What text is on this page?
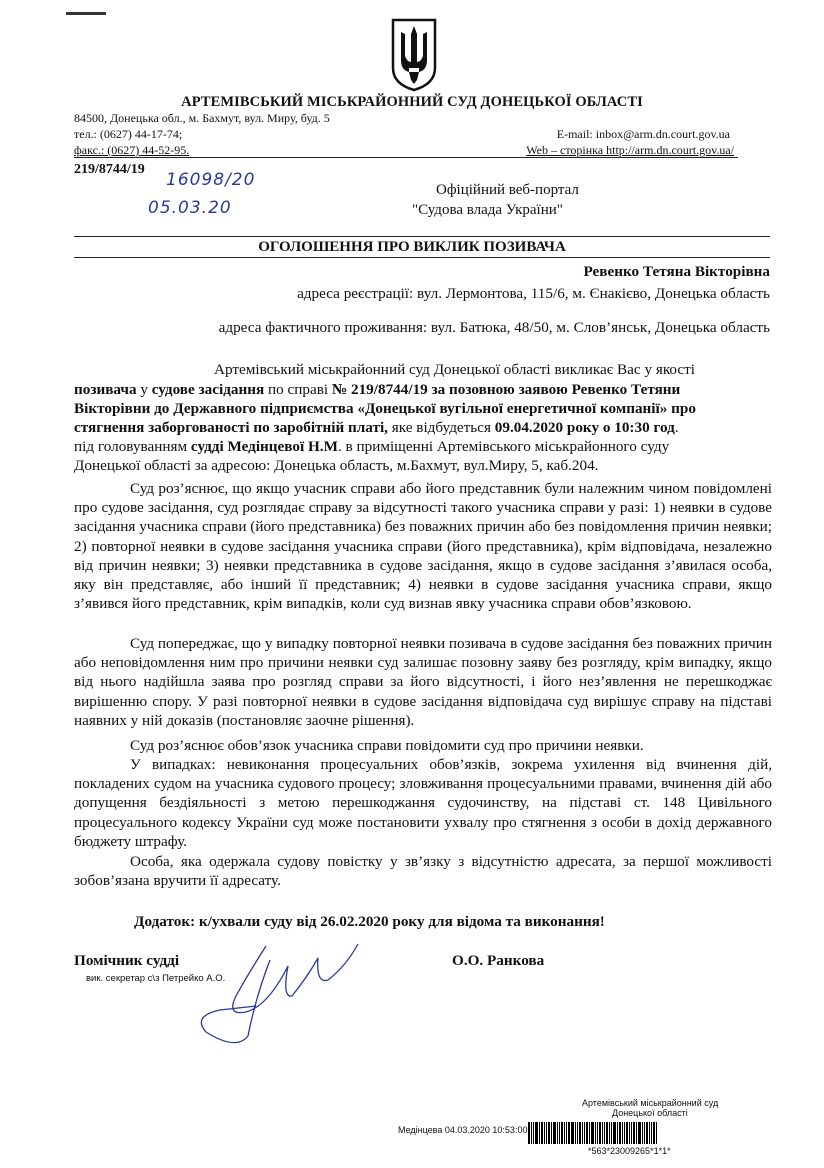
АРТЕМІВСЬКИЙ МІСЬКРАЙОННИЙ СУД ДОНЕЦЬКОЇ ОБЛАСТІ
84500, Донецька обл., м. Бахмут, вул. Миру, буд. 5
тел.: (0627) 44-17-74;
факс.: (0627) 44-52-95.
E-mail: inbox@arm.dn.court.gov.ua
Web – сторінка http://arm.dn.court.gov.ua/
219/8744/19
16098/20
05.03.20
Офіційний веб-портал
"Судова влада України"
ОГОЛОШЕННЯ ПРО ВИКЛИК ПОЗИВАЧА
Ревенко Тетяна Вікторівна
адреса реєстрації: вул. Лермонтова, 115/6, м. Єнакієво, Донецька область
адреса фактичного проживання: вул. Батюка, 48/50, м. Слов’янськ, Донецька область
Артемівський міськрайонний суд Донецької області викликає Вас у якості
позивача у судове засідання по справі № 219/8744/19 за позовною заявою Ревенко Тетяни
Вікторівни до Державного підприємства «Донецької вугільної енергетичної компанії» про
стягнення заборгованості по заробітній платі, яке відбудеться 09.04.2020 року о 10:30 год.
під головуванням судді Медінцевої Н.М. в приміщенні Артемівського міськрайонного суду
Донецької області за адресою: Донецька область, м.Бахмут, вул.Миру, 5, каб.204.
Суд роз’яснює, що якщо учасник справи або його представник були належним чином повідомлені про судове засідання, суд розглядає справу за відсутності такого учасника справи у разі: 1) неявки в судове засідання учасника справи (його представника) без поважних причин або без повідомлення причин неявки; 2) повторної неявки в судове засідання учасника справи (його представника), крім відповідача, незалежно від причин неявки; 3) неявки представника в судове засідання, якщо в судове засідання з’явилася особа, яку він представляє, або інший її представник; 4) неявки в судове засідання учасника справи, якщо з’явився його представник, крім випадків, коли суд визнав явку учасника справи обов’язковою.
Суд попереджає, що у випадку повторної неявки позивача в судове засідання без поважних причин або неповідомлення ним про причини неявки суд залишає позовну заяву без розгляду, крім випадку, якщо від нього надійшла заява про розгляд справи за його відсутності, і його нез’явлення не перешкоджає вирішенню спору. У разі повторної неявки в судове засідання відповідача суд вирішує справу на підставі наявних у ній доказів (постановляє заочне рішення).
Суд роз’яснює обов’язок учасника справи повідомити суд про причини неявки.
У випадках: невиконання процесуальних обов’язків, зокрема ухилення від вчинення дій, покладених судом на учасника судового процесу; зловживання процесуальними правами, вчинення дій або допущення бездіяльності з метою перешкоджання судочинству, на підставі ст. 148 Цивільного процесуального кодексу України суд може постановити ухвалу про стягнення з особи в дохід державного бюджету штрафу.
Особа, яка одержала судову повістку у зв’язку з відсутністю адресата, за першої можливості зобов’язана вручити її адресату.
Додаток: к/ухвали суду від 26.02.2020 року для відома та виконання!
Помічник судді	О.О. Ранкова
вик. секретар с\з Петрейко А.О.
Артемівський міськрайонний суд
Донецької області
Медінцева 04.03.2020 10:53:00
*563*23009265*1*1*
